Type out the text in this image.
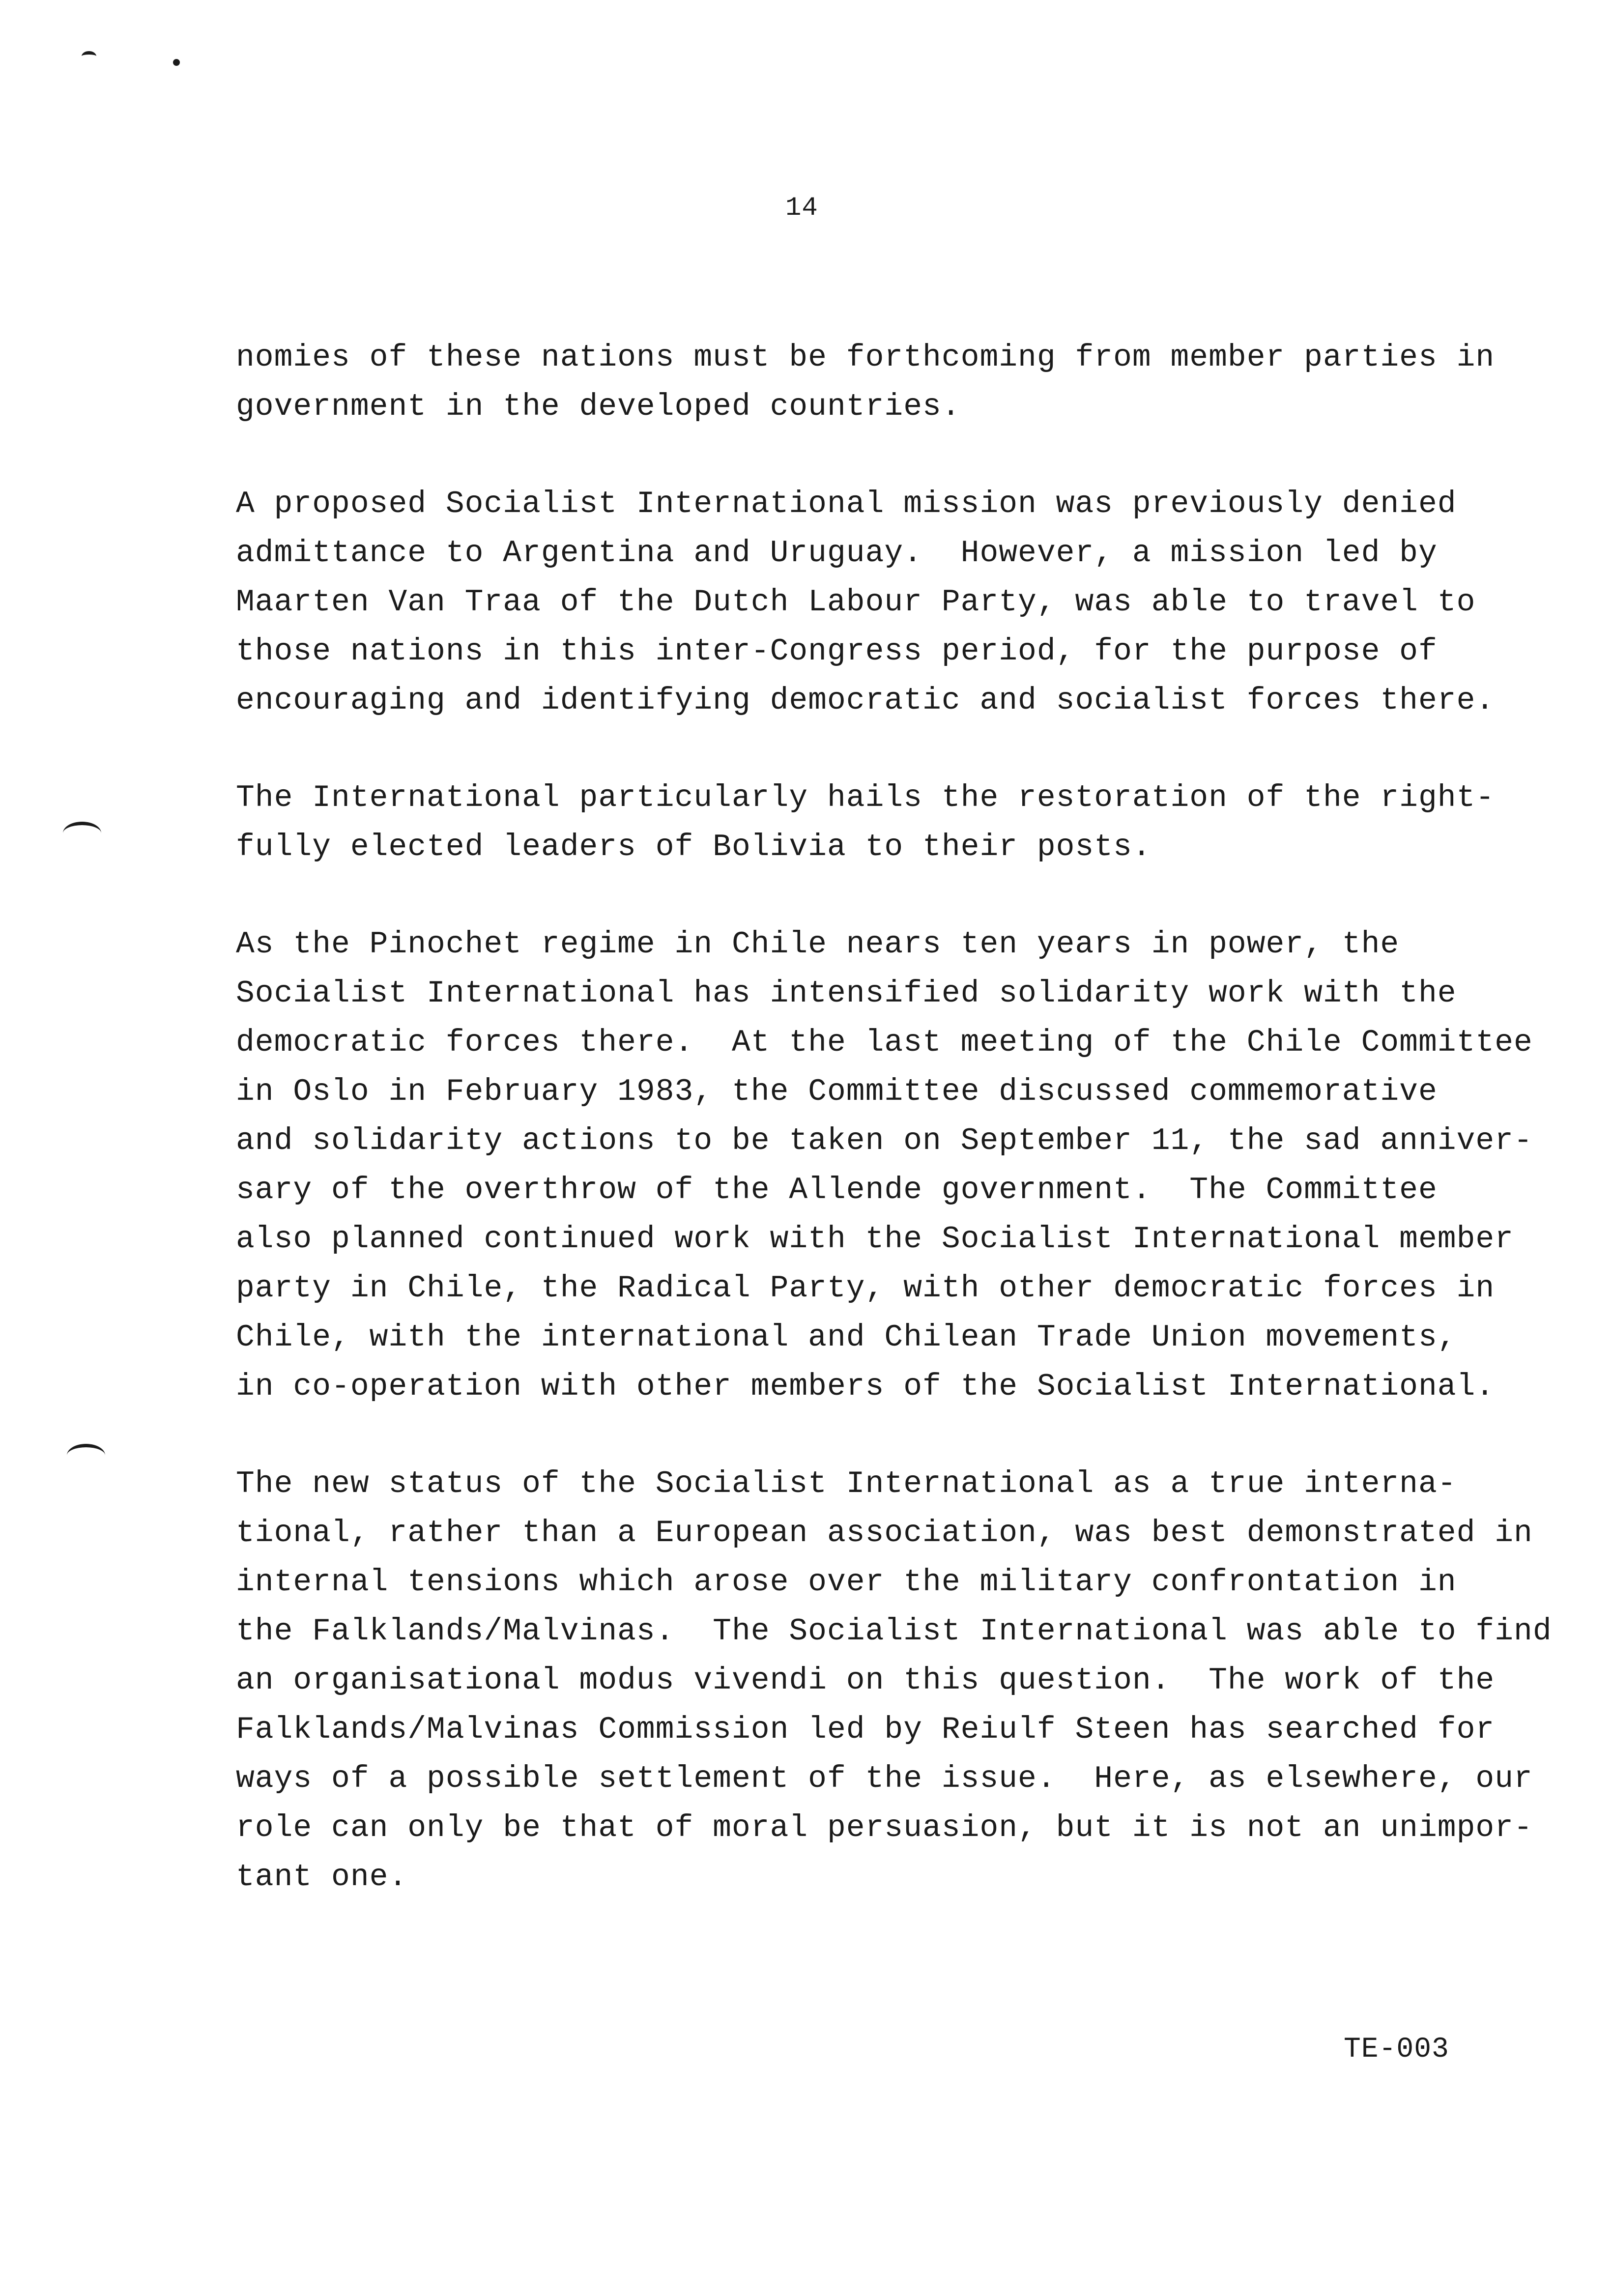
14

nomies of these nations must be forthcoming from member parties in
government in the developed countries.

A proposed Socialist International mission was previously denied
admittance to Argentina and Uruguay.  However, a mission led by
Maarten Van Traa of the Dutch Labour Party, was able to travel to
those nations in this inter-Congress period, for the purpose of
encouraging and identifying democratic and socialist forces there.

The International particularly hails the restoration of the right-
fully elected leaders of Bolivia to their posts.

As the Pinochet regime in Chile nears ten years in power, the
Socialist International has intensified solidarity work with the
democratic forces there.  At the last meeting of the Chile Committee
in Oslo in February 1983, the Committee discussed commemorative
and solidarity actions to be taken on September 11, the sad anniver-
sary of the overthrow of the Allende government.  The Committee
also planned continued work with the Socialist International member
party in Chile, the Radical Party, with other democratic forces in
Chile, with the international and Chilean Trade Union movements,
in co-operation with other members of the Socialist International.

The new status of the Socialist International as a true interna-
tional, rather than a European association, was best demonstrated in
internal tensions which arose over the military confrontation in
the Falklands/Malvinas.  The Socialist International was able to find
an organisational modus vivendi on this question.  The work of the
Falklands/Malvinas Commission led by Reiulf Steen has searched for
ways of a possible settlement of the issue.  Here, as elsewhere, our
role can only be that of moral persuasion, but it is not an unimpor-
tant one.

TE-003
